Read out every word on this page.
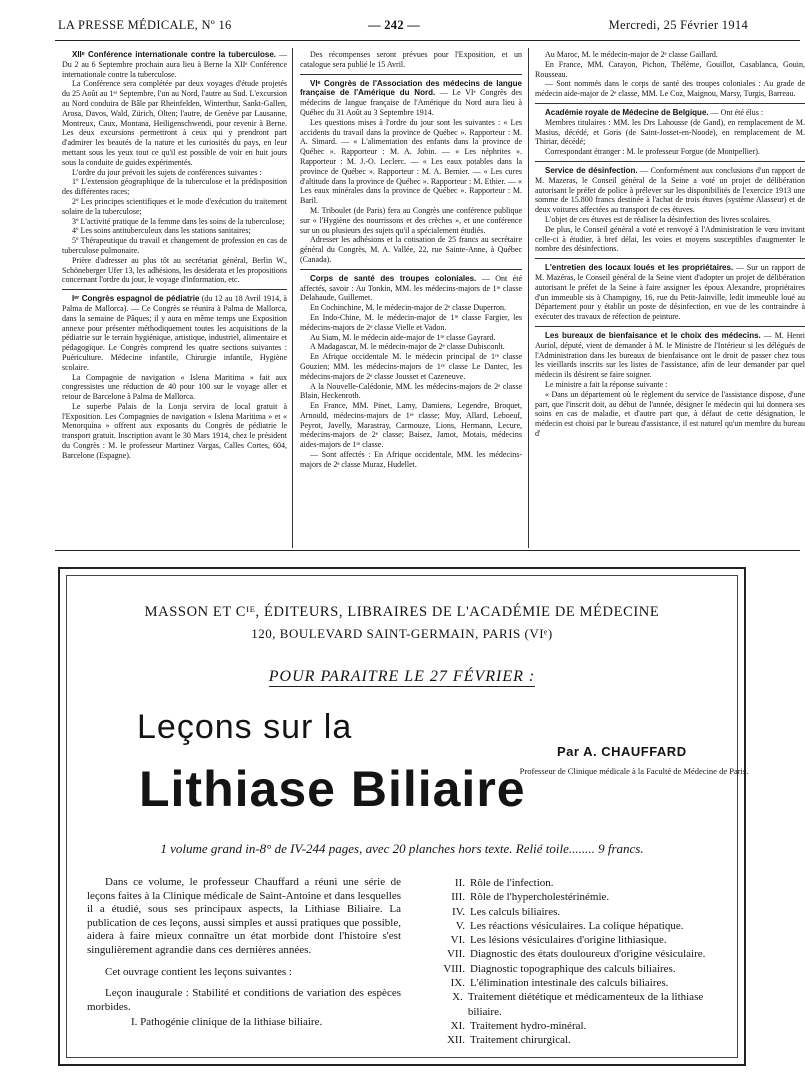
LA PRESSE MÉDICALE, Nº 16	— 242 —	Mercredi, 25 Février 1914

XIIᵉ Conférence internationale contre la tuberculose. — Du 2 au 6 Septembre prochain aura lieu à Berne la XIIᵉ Conférence internationale contre la tuberculose.

La Conférence sera complétée par deux voyages d'étude projetés du 25 Août au 1ᵉʳ Septembre, l'un au Nord, l'autre au Sud. L'excursion au Nord conduira de Bâle par Rheinfelden, Winterthur, Sankt-Gallen, Arosa, Davos, Wald, Zürich, Olten; l'autre, de Genève par Lausanne, Montreux, Caux, Montana, Heiligenschwendi, pour revenir à Berne. Les deux excursions permettront à ceux qui y prendront part d'admirer les beautés de la nature et les curiosités du pays, en leur mettant sous les yeux tout ce qu'il est possible de voir en huit jours sous la conduite de guides expérimentés.

L'ordre du jour prévoit les sujets de conférences suivantes :

1º L'extension géographique de la tuberculose et la prédisposition des différentes races;

2º Les principes scientifiques et le mode d'exécution du traitement solaire de la tuberculose;

3º L'activité pratique de la femme dans les soins de la tuberculose;

4º Les soins antituberculeux dans les stations sanitaires;

5º Thérapeutique du travail et changement de profession en cas de tuberculose pulmonaire.

Prière d'adresser au plus tôt au secrétariat général, Berlin W., Schöneberger Ufer 13, les adhésions, les desiderata et les propositions concernant l'ordre du jour, le voyage d'information, etc.

Iᵉʳ Congrès espagnol de pédiatrie (du 12 au 18 Avril 1914, à Palma de Mallorca). — Ce Congrès se réunira à Palma de Mallorca, dans la semaine de Pâques; il y aura en même temps une Exposition annexe pour présenter méthodiquement toutes les acquisitions de la pédiatrie sur le terrain hygiénique, artistique, industriel, alimentaire et pédagogique. Le Congrès comprend les quatre sections suivantes : Puériculture. Médecine infantile, Chirurgie infantile, Hygiène scolaire.

La Compagnie de navigation « Islena Maritima » fait aux congressistes une réduction de 40 pour 100 sur le voyage aller et retour de Barcelone à Palma de Mallorca.

Le superbe Palais de la Lonja servira de local gratuit à l'Exposition. Les Compagnies de navigation « Islena Maritima » et « Menorquina » offrent aux exposants du Congrès de pédiatrie le transport gratuit. Inscription avant le 30 Mars 1914, chez le président du Congrès : M. le professeur Martinez Vargas, Calles Cortes, 604, Barcelone (Espagne).

Des récompenses seront prévues pour l'Exposition, et un catalogue sera publié le 15 Avril.

VIᵉ Congrès de l'Association des médecins de langue française de l'Amérique du Nord. — Le VIᵉ Congrès des médecins de langue française de l'Amérique du Nord aura lieu à Québec du 31 Août au 3 Septembre 1914.

Les questions mises à l'ordre du jour sont les suivantes : « Les accidents du travail dans la province de Québec ». Rapporteur : M. A. Simard. — « L'alimentation des enfants dans la province de Québec ». Rapporteur : M. A. Jobin. — « Les néphrites ». Rapporteur : M. J.-O. Leclerc. — « Les eaux potables dans la province de Québec ». Rapporteur : M. A. Bernier. — « Les cures d'altitude dans la province de Québec ». Rapporteur : M. Ethier. — « Les eaux minérales dans la province de Québec ». Rapporteur : M. Baril.

M. Triboulet (de Paris) fera au Congrès une conférence publique sur « l'Hygiène des nourrissons et des crèches », et une conférence sur un ou plusieurs des sujets qu'il a spécialement étudiés.

Adresser les adhésions et la cotisation de 25 francs au secrétaire général du Congrès, M. A. Vallée, 22, rue Sainte-Anne, à Québec (Canada).

Corps de santé des troupes coloniales. — Ont été affectés, savoir : Au Tonkin, MM. les médecins-majors de 1ʳᵉ classe Delahaude, Guillemet.

En Cochinchine, M. le médecin-major de 2ᵉ classe Duperron.

En Indo-Chine, M. le médecin-major de 1ʳᵉ classe Fargier, les médecins-majors de 2ᵉ classe Vielle et Vadon.

Au Siam, M. le médecin aide-major de 1ʳᵉ classe Gayrard.

A Madagascar, M. le médecin-major de 2ᵉ classe Dubisconlt.

En Afrique occidentale M. le médecin principal de 1ʳᵉ classe Gouzien; MM. les médecins-majors de 1ʳᵉ classe Le Dantec, les médecins-majors de 2ᵉ classe Jousset et Cazeneuve.

A la Nouvelle-Calédonie, MM. les médecins-majors de 2ᵉ classe Blain, Heckenroth.

En France, MM. Pinet, Lamy, Damiens, Legendre, Broquet, Arnould, médecins-majors de 1ʳᵉ classe; Muy, Allard, Leboeuf, Peyrot, Javelly, Marastray, Carmouze, Lions, Hermann, Lecure, médecins-majors de 2ᵉ classe; Baisez, Jamot, Motais, médecins aides-majors de 1ʳᵉ classe.

— Sont affectés : En Afrique occidentale, MM. les médecins-majors de 2ᵉ classe Muraz, Hudellet.

Au Maroc, M. le médecin-major de 2ᵉ classe Gaillard.

En France, MM. Carayon, Pichon, Thélème, Gouillot, Casablanca, Gouin, Rousseau.

— Sont nommés dans le corps de santé des troupes coloniales : Au grade de médecin aide-major de 2ᵉ classe, MM. Le Coz, Maignou, Marsy, Turgis, Barreau.

Académie royale de Médecine de Belgique. — Ont été élus :

Membres titulaires : MM. les Drs Lahousse (de Gand), en remplacement de M. Masius, décédé, et Goris (de Saint-Josset-en-Noode), en remplacement de M. Thiriar, décédé;

Correspondant étranger : M. le professeur Forgue (de Montpellier).

Service de désinfection. — Conformément aux conclusions d'un rapport de M. Mazeras, le Conseil général de la Seine a voté un projet de délibération autorisant le préfet de police à prélever sur les disponibilités de l'exercice 1913 une somme de 15.800 francs destinée à l'achat de trois étuves (système Alasseur) et de deux voitures affectées au transport de ces étuves.

L'objet de ces étuves est de réaliser la désinfection des livres scolaires.

De plus, le Conseil général a voté et renvoyé à l'Administration le vœu invitant celle-ci à étudier, à bref délai, les voies et moyens susceptibles d'augmenter le nombre des désinfections.

L'entretien des locaux loués et les propriétaires. — Sur un rapport de M. Mazéras, le Conseil général de la Seine vient d'adopter un projet de délibération autorisant le préfet de la Seine à faire assigner les époux Alexandre, propriétaires d'un immeuble sis à Champigny, 16, rue du Petit-Jainville, ledit immeuble loué au Département pour y établir un poste de désinfection, en vue de les contraindre à exécuter des travaux de réfection de peinture.

Les bureaux de bienfaisance et le choix des médecins. — M. Henri Auriol, député, vient de demander à M. le Ministre de l'Intérieur si les délégués de l'Administration dans les bureaux de bienfaisance ont le droit de passer chez tous les vieillards inscrits sur les listes de l'assistance, afin de leur demander par quel médecin ils désirent se faire soigner.

Le ministre a fait la réponse suivante :

« Dans un département où le règlement du service de l'assistance dispose, d'une part, que l'inscrit doit, au début de l'année, désigner le médecin qui lui donnera ses soins en cas de maladie, et d'autre part que, à défaut de cette désignation, le médecin est choisi par le bureau d'assistance, il est naturel qu'un membre du bureau d'

MASSON ET Cᴵᴱ, ÉDITEURS, LIBRAIRES DE L'ACADÉMIE DE MÉDECINE
120, BOULEVARD SAINT-GERMAIN, PARIS (VIᵉ)
POUR PARAITRE LE 27 FÉVRIER :
Leçons sur la
Lithiase Biliaire
Par A. CHAUFFARD
Professeur de Clinique médicale à la Faculté de Médecine de Paris.
1 volume grand in-8° de IV-244 pages, avec 20 planches hors texte. Relié toile........ 9 francs.

Dans ce volume, le professeur Chauffard a réuni une série de leçons faites à la Clinique médicale de Saint-Antoine et dans lesquelles il a étudié, sous ses principaux aspects, la Lithiase Biliaire. La publication de ces leçons, aussi simples et aussi pratiques que possible, aidera à faire mieux connaître un état morbide dont l'histoire s'est singulièrement agrandie dans ces dernières années.

Cet ouvrage contient les leçons suivantes :

Leçon inaugurale : Stabilité et conditions de variation des espèces morbides.

I. Pathogénie clinique de la lithiase biliaire.

II. Rôle de l'infection.
III. Rôle de l'hypercholestérinémie.
IV. Les calculs biliaires.
V. Les réactions vésiculaires. La colique hépatique.
VI. Les lésions vésiculaires d'origine lithiasique.
VII. Diagnostic des états douloureux d'origine vésiculaire.
VIII. Diagnostic topographique des calculs biliaires.
IX. L'élimination intestinale des calculs biliaires.
X. Traitement diététique et médicamenteux de la lithiase biliaire.
XI. Traitement hydro-minéral.
XII. Traitement chirurgical.
